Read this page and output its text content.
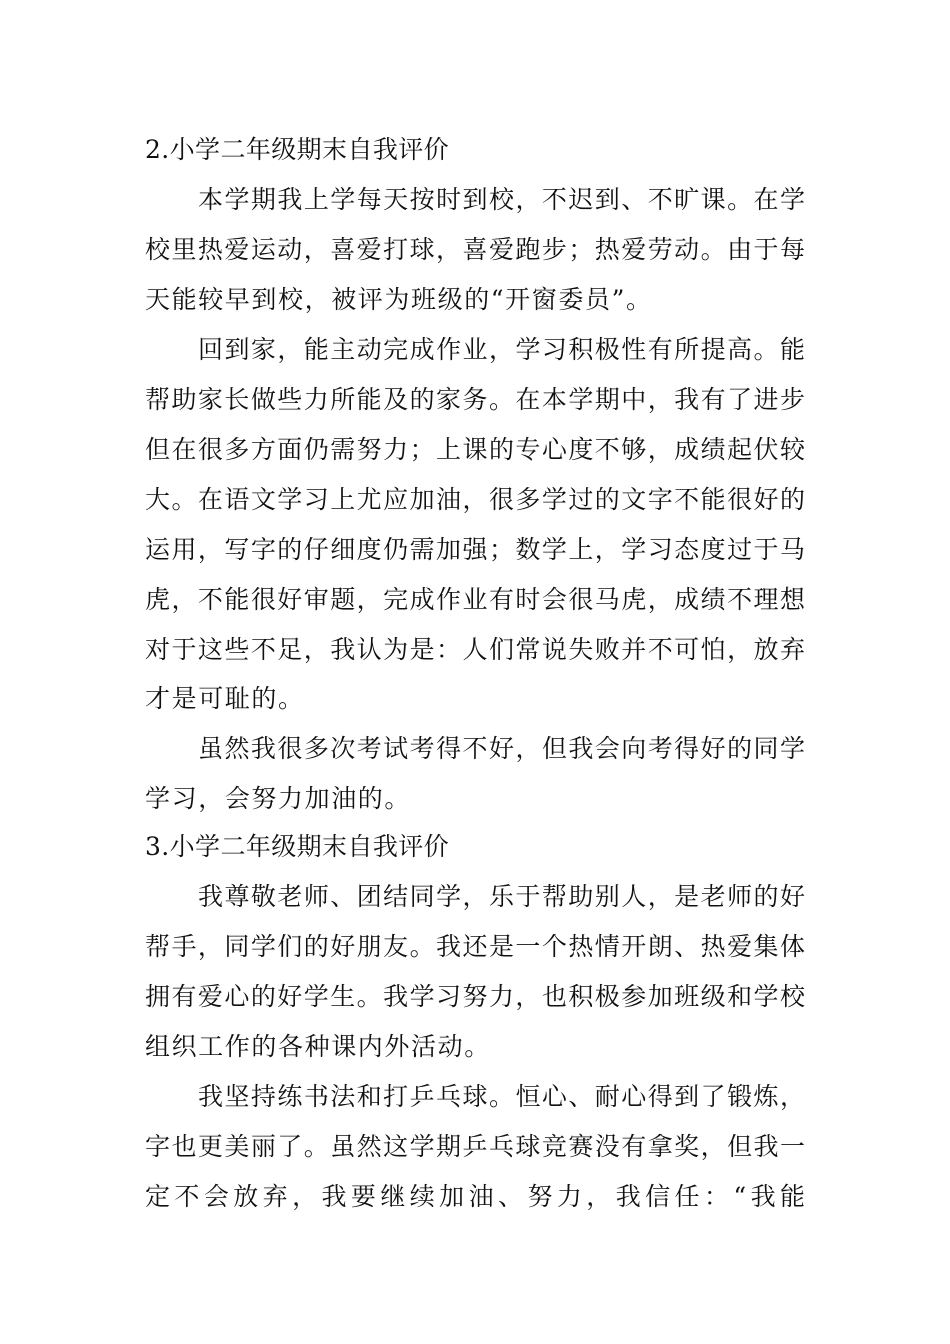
2.小学二年级期末自我评价
本学期我上学每天按时到校，不迟到、不旷课。在学
校里热爱运动，喜爱打球，喜爱跑步；热爱劳动。由于每
天能较早到校，被评为班级的“开窗委员”。
回到家，能主动完成作业，学习积极性有所提高。能
帮助家长做些力所能及的家务。在本学期中，我有了进步
但在很多方面仍需努力；上课的专心度不够，成绩起伏较
大。在语文学习上尤应加油，很多学过的文字不能很好的
运用，写字的仔细度仍需加强；数学上，学习态度过于马
虎，不能很好审题，完成作业有时会很马虎，成绩不理想
对于这些不足，我认为是：人们常说失败并不可怕，放弃
才是可耻的。
虽然我很多次考试考得不好，但我会向考得好的同学
学习，会努力加油的。
3.小学二年级期末自我评价
我尊敬老师、团结同学，乐于帮助别人，是老师的好
帮手，同学们的好朋友。我还是一个热情开朗、热爱集体
拥有爱心的好学生。我学习努力，也积极参加班级和学校
组织工作的各种课内外活动。
我坚持练书法和打乒乓球。恒心、耐心得到了锻炼，
字也更美丽了。虽然这学期乒乓球竞赛没有拿奖，但我一
定不会放弃，我要继续加油、努力，我信任：“我能
